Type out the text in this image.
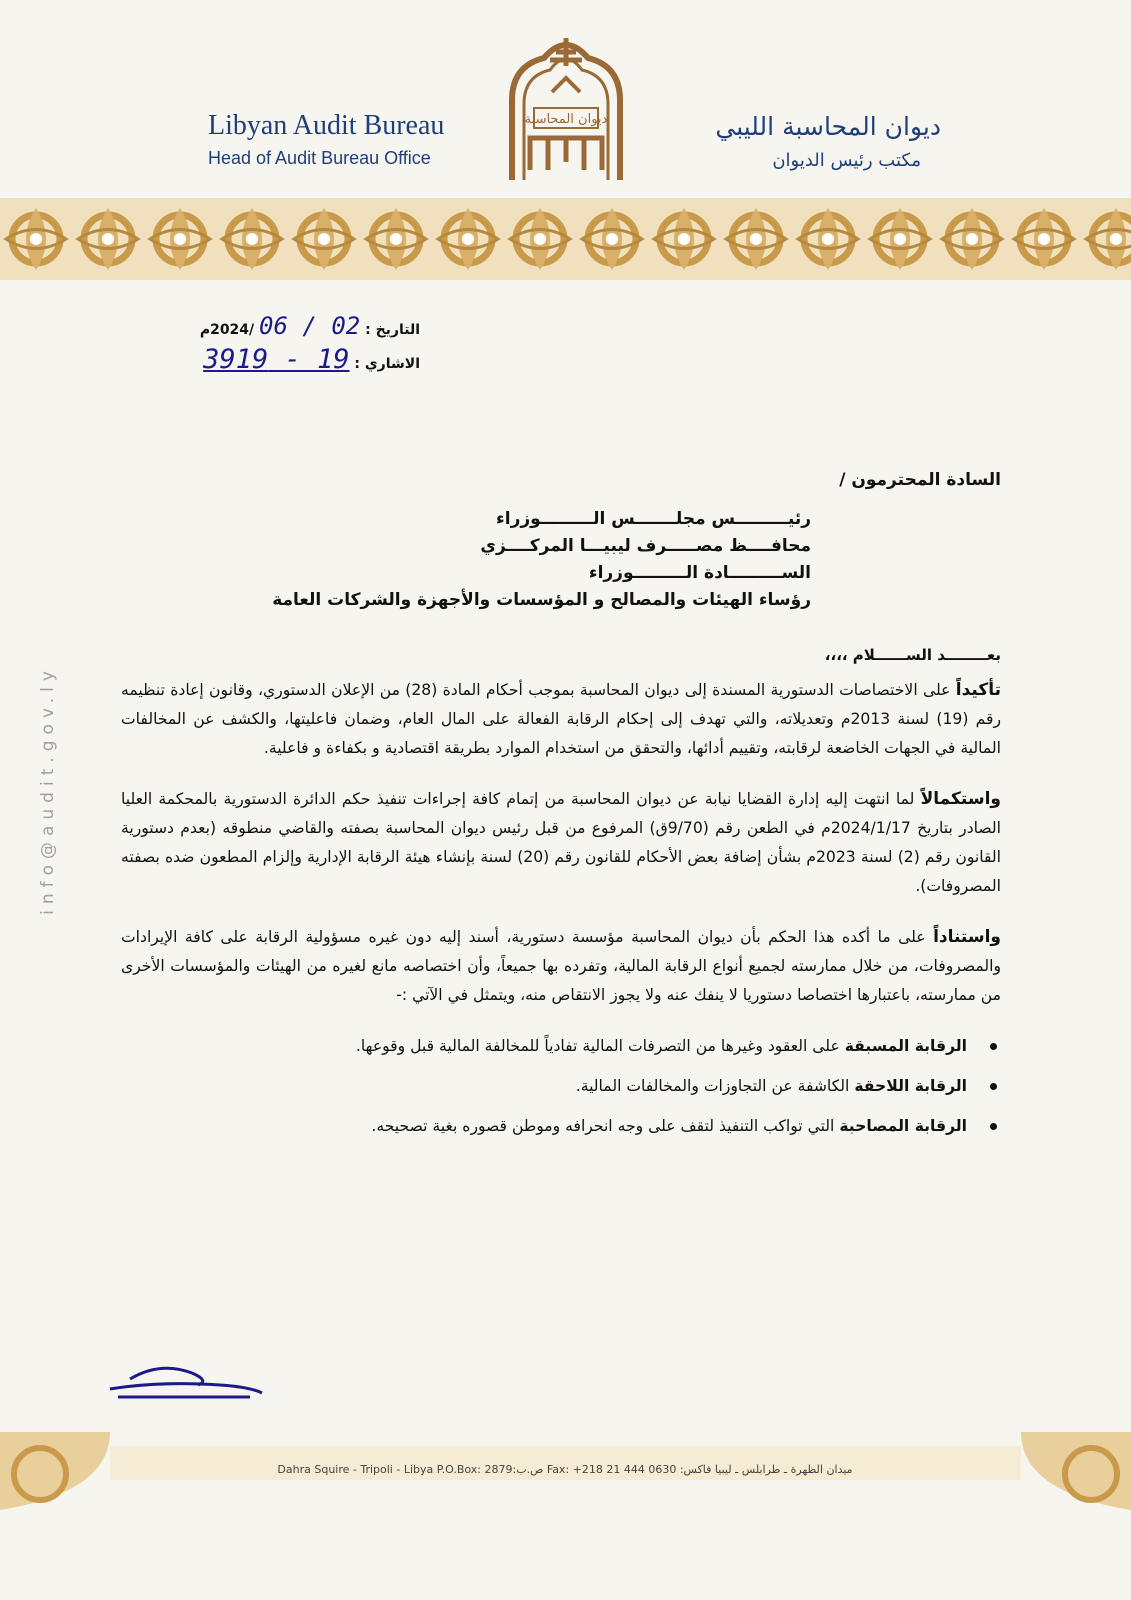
Libyan Audit Bureau
Head of Audit Bureau Office
ديوان المحاسبة	ديوان المحاسبة الليبي
مكتب رئيس الديوان
التاريخ : 02 / 06 /2024م
الاشاري : 19 - 3919
info@audit.gov.ly
السادة المحترمون /
رئيـــــــــس مجلـــــــس الـــــــــوزراء
محافــــظ مصـــــرف ليبيـــا المركــــزي
الســـــــــادة الـــــــــوزراء
رؤساء الهيئات والمصالح و المؤسسات والأجهزة والشركات العامة
بعــــــــد الســــــلام ،،،،

تأكيداً على الاختصاصات الدستورية المسندة إلى ديوان المحاسبة بموجب أحكام المادة (28) من الإعلان الدستوري، وقانون إعادة تنظيمه رقم (19) لسنة 2013م وتعديلاته، والتي تهدف إلى إحكام الرقابة الفعالة على المال العام، وضمان فاعليتها، والكشف عن المخالفات المالية في الجهات الخاضعة لرقابته، وتقييم أدائها، والتحقق من استخدام الموارد بطريقة اقتصادية و بكفاءة و فاعلية.

واستكمالاً لما انتهت إليه إدارة القضايا نيابة عن ديوان المحاسبة من إتمام كافة إجراءات تنفيذ حكم الدائرة الدستورية بالمحكمة العليا الصادر بتاريخ 2024/1/17م في الطعن رقم (9/70ق) المرفوع من قبل رئيس ديوان المحاسبة بصفته والقاضي منطوقه (بعدم دستورية القانون رقم (2) لسنة 2023م بشأن إضافة بعض الأحكام للقانون رقم (20) لسنة بإنشاء هيئة الرقابة الإدارية وإلزام المطعون ضده بصفته المصروفات).

واستناداً على ما أكده هذا الحكم بأن ديوان المحاسبة مؤسسة دستورية، أسند إليه دون غيره مسؤولية الرقابة على كافة الإيرادات والمصروفات، من خلال ممارسته لجميع أنواع الرقابة المالية، وتفرده بها جميعاً، وأن اختصاصه مانع لغيره من الهيئات والمؤسسات الأخرى من ممارسته، باعتبارها اختصاصا دستوريا لا ينفك عنه ولا يجوز الانتقاص منه، ويتمثل في الآتي :-

الرقابة المسبقة على العقود وغيرها من التصرفات المالية تفادياً للمخالفة المالية قبل وقوعها.
الرقابة اللاحقة الكاشفة عن التجاوزات والمخالفات المالية.
الرقابة المصاحبة التي تواكب التنفيذ لتقف على وجه انحرافه وموطن قصوره بغية تصحيحه.
Dahra Squire - Tripoli - Libya P.O.Box: 2879:ص.ب Fax: +218 21 444 0630 :ميدان الظهرة ـ طرابلس ـ ليبيا فاكس
